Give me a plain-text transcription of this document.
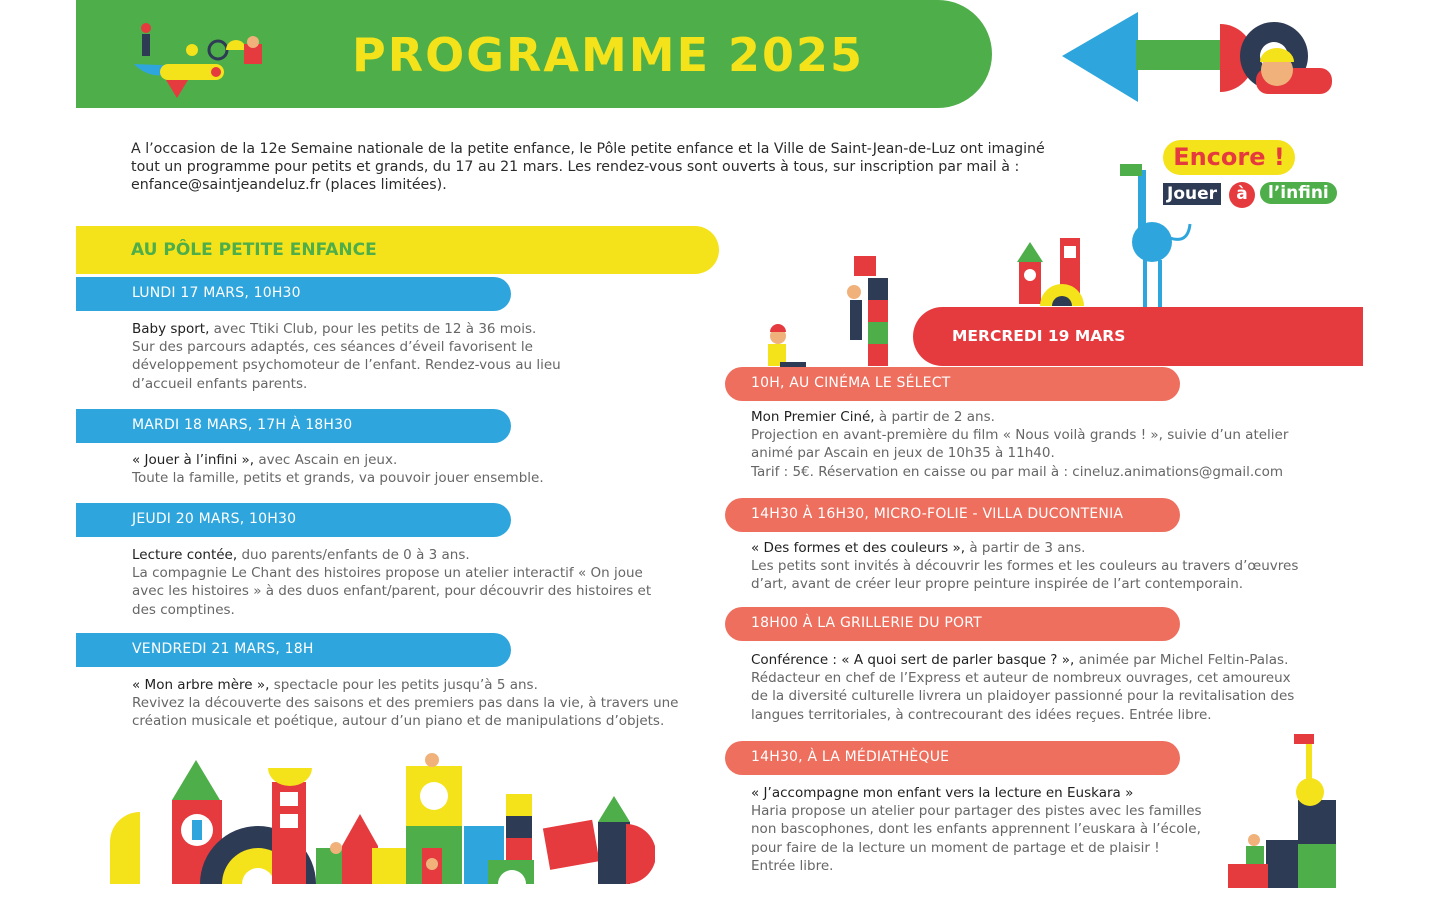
PROGRAMME 2025

A l’occasion de la 12e Semaine nationale de la petite enfance, le Pôle petite enfance et la Ville de Saint-Jean-de-Luz ont imaginé
tout un programme pour petits et grands, du 17 au 21 mars. Les rendez-vous sont ouverts à tous, sur inscription par mail à :
enfance@saintjeandeluz.fr (places limitées).

Encore !
Jouer	à	l’infini
AU PÔLE PETITE ENFANCE
LUNDI 17 MARS, 10H30

Baby sport, avec Ttiki Club, pour les petits de 12 à 36 mois.
Sur des parcours adaptés, ces séances d’éveil favorisent le
développement psychomoteur de l’enfant. Rendez-vous au lieu
d’accueil enfants parents.

MARDI 18 MARS, 17H À 18H30

« Jouer à l’infini », avec Ascain en jeux.
Toute la famille, petits et grands, va pouvoir jouer ensemble.

JEUDI 20 MARS, 10H30

Lecture contée, duo parents/enfants de 0 à 3 ans.
La compagnie Le Chant des histoires propose un atelier interactif « On joue
avec les histoires » à des duos enfant/parent, pour découvrir des histoires et
des comptines.

VENDREDI 21 MARS, 18H

« Mon arbre mère », spectacle pour les petits jusqu’à 5 ans.
Revivez la découverte des saisons et des premiers pas dans la vie, à travers une
création musicale et poétique, autour d’un piano et de manipulations d’objets.

MERCREDI 19 MARS
10H, AU CINÉMA LE SÉLECT

Mon Premier Ciné, à partir de 2 ans.
Projection en avant-première du film « Nous voilà grands ! », suivie d’un atelier
animé par Ascain en jeux de 10h35 à 11h40.
Tarif : 5€. Réservation en caisse ou par mail à : cineluz.animations@gmail.com

14H30 À 16H30, MICRO-FOLIE - VILLA DUCONTENIA

« Des formes et des couleurs », à partir de 3 ans.
Les petits sont invités à découvrir les formes et les couleurs au travers d’œuvres
d’art, avant de créer leur propre peinture inspirée de l’art contemporain.

18H00 À LA GRILLERIE DU PORT

Conférence : « A quoi sert de parler basque ? », animée par Michel Feltin-Palas.
Rédacteur en chef de l’Express et auteur de nombreux ouvrages, cet amoureux
de la diversité culturelle livrera un plaidoyer passionné pour la revitalisation des
langues territoriales, à contrecourant des idées reçues. Entrée libre.

14H30, À LA MÉDIATHÈQUE

« J’accompagne mon enfant vers la lecture en Euskara »
Haria propose un atelier pour partager des pistes avec les familles
non bascophones, dont les enfants apprennent l’euskara à l’école,
pour faire de la lecture un moment de partage et de plaisir !
Entrée libre.
